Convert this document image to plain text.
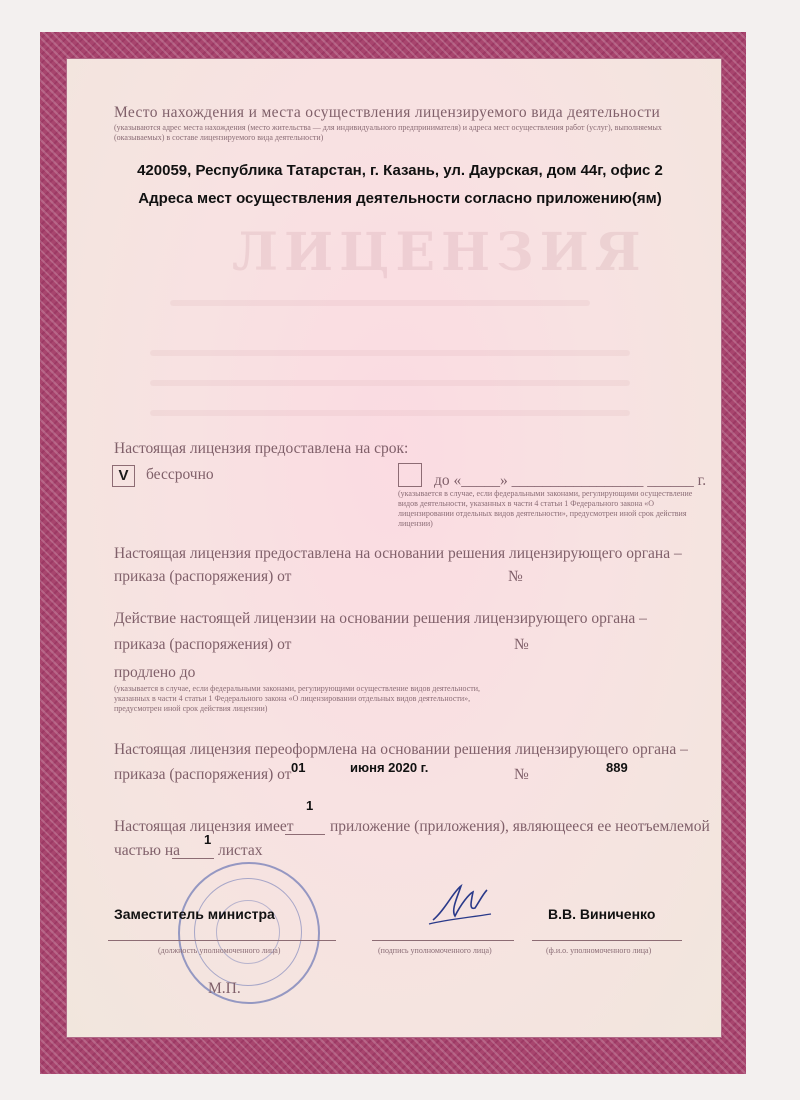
ЛИЦЕНЗИЯ
Место нахождения и места осуществления лицензируемого вида деятельности
(указываются адрес места нахождения (место жительства — для индивидуального предпринимателя) и адреса мест осуществления работ (услуг), выполняемых (оказываемых) в составе лицензируемого вида деятельности)
420059, Республика Татарстан, г. Казань, ул. Даурская, дом 44г, офис 2
Адреса мест осуществления деятельности согласно приложению(ям)
Настоящая лицензия предоставлена на срок:
V	бессрочно	до «_____» _________________ ______ г.
(указывается в случае, если федеральными законами, регулирующими осуществление видов деятельности, указанных в части 4 статьи 1 Федерального закона «О лицензировании отдельных видов деятельности», предусмотрен иной срок действия лицензии)
Настоящая лицензия предоставлена на основании решения лицензирующего органа –
приказа (распоряжения) от	№
Действие настоящей лицензии на основании решения лицензирующего органа –
приказа (распоряжения) от	№
продлено до
(указывается в случае, если федеральными законами, регулирующими осуществление видов деятельности, указанных в части 4 статьи 1 Федерального закона «О лицензировании отдельных видов деятельности», предусмотрен иной срок действия лицензии)
Настоящая лицензия переоформлена на основании решения лицензирующего органа –
приказа (распоряжения) от 01	июня 2020 г.	№	889
1
Настоящая лицензия имеет приложение (приложения), являющееся ее неотъемлемой
1
частью на листах
Заместитель министра	В.В. Виниченко
(должность уполномоченного лица)	(подпись уполномоченного лица)	(ф.и.о. уполномоченного лица)
М.П.
